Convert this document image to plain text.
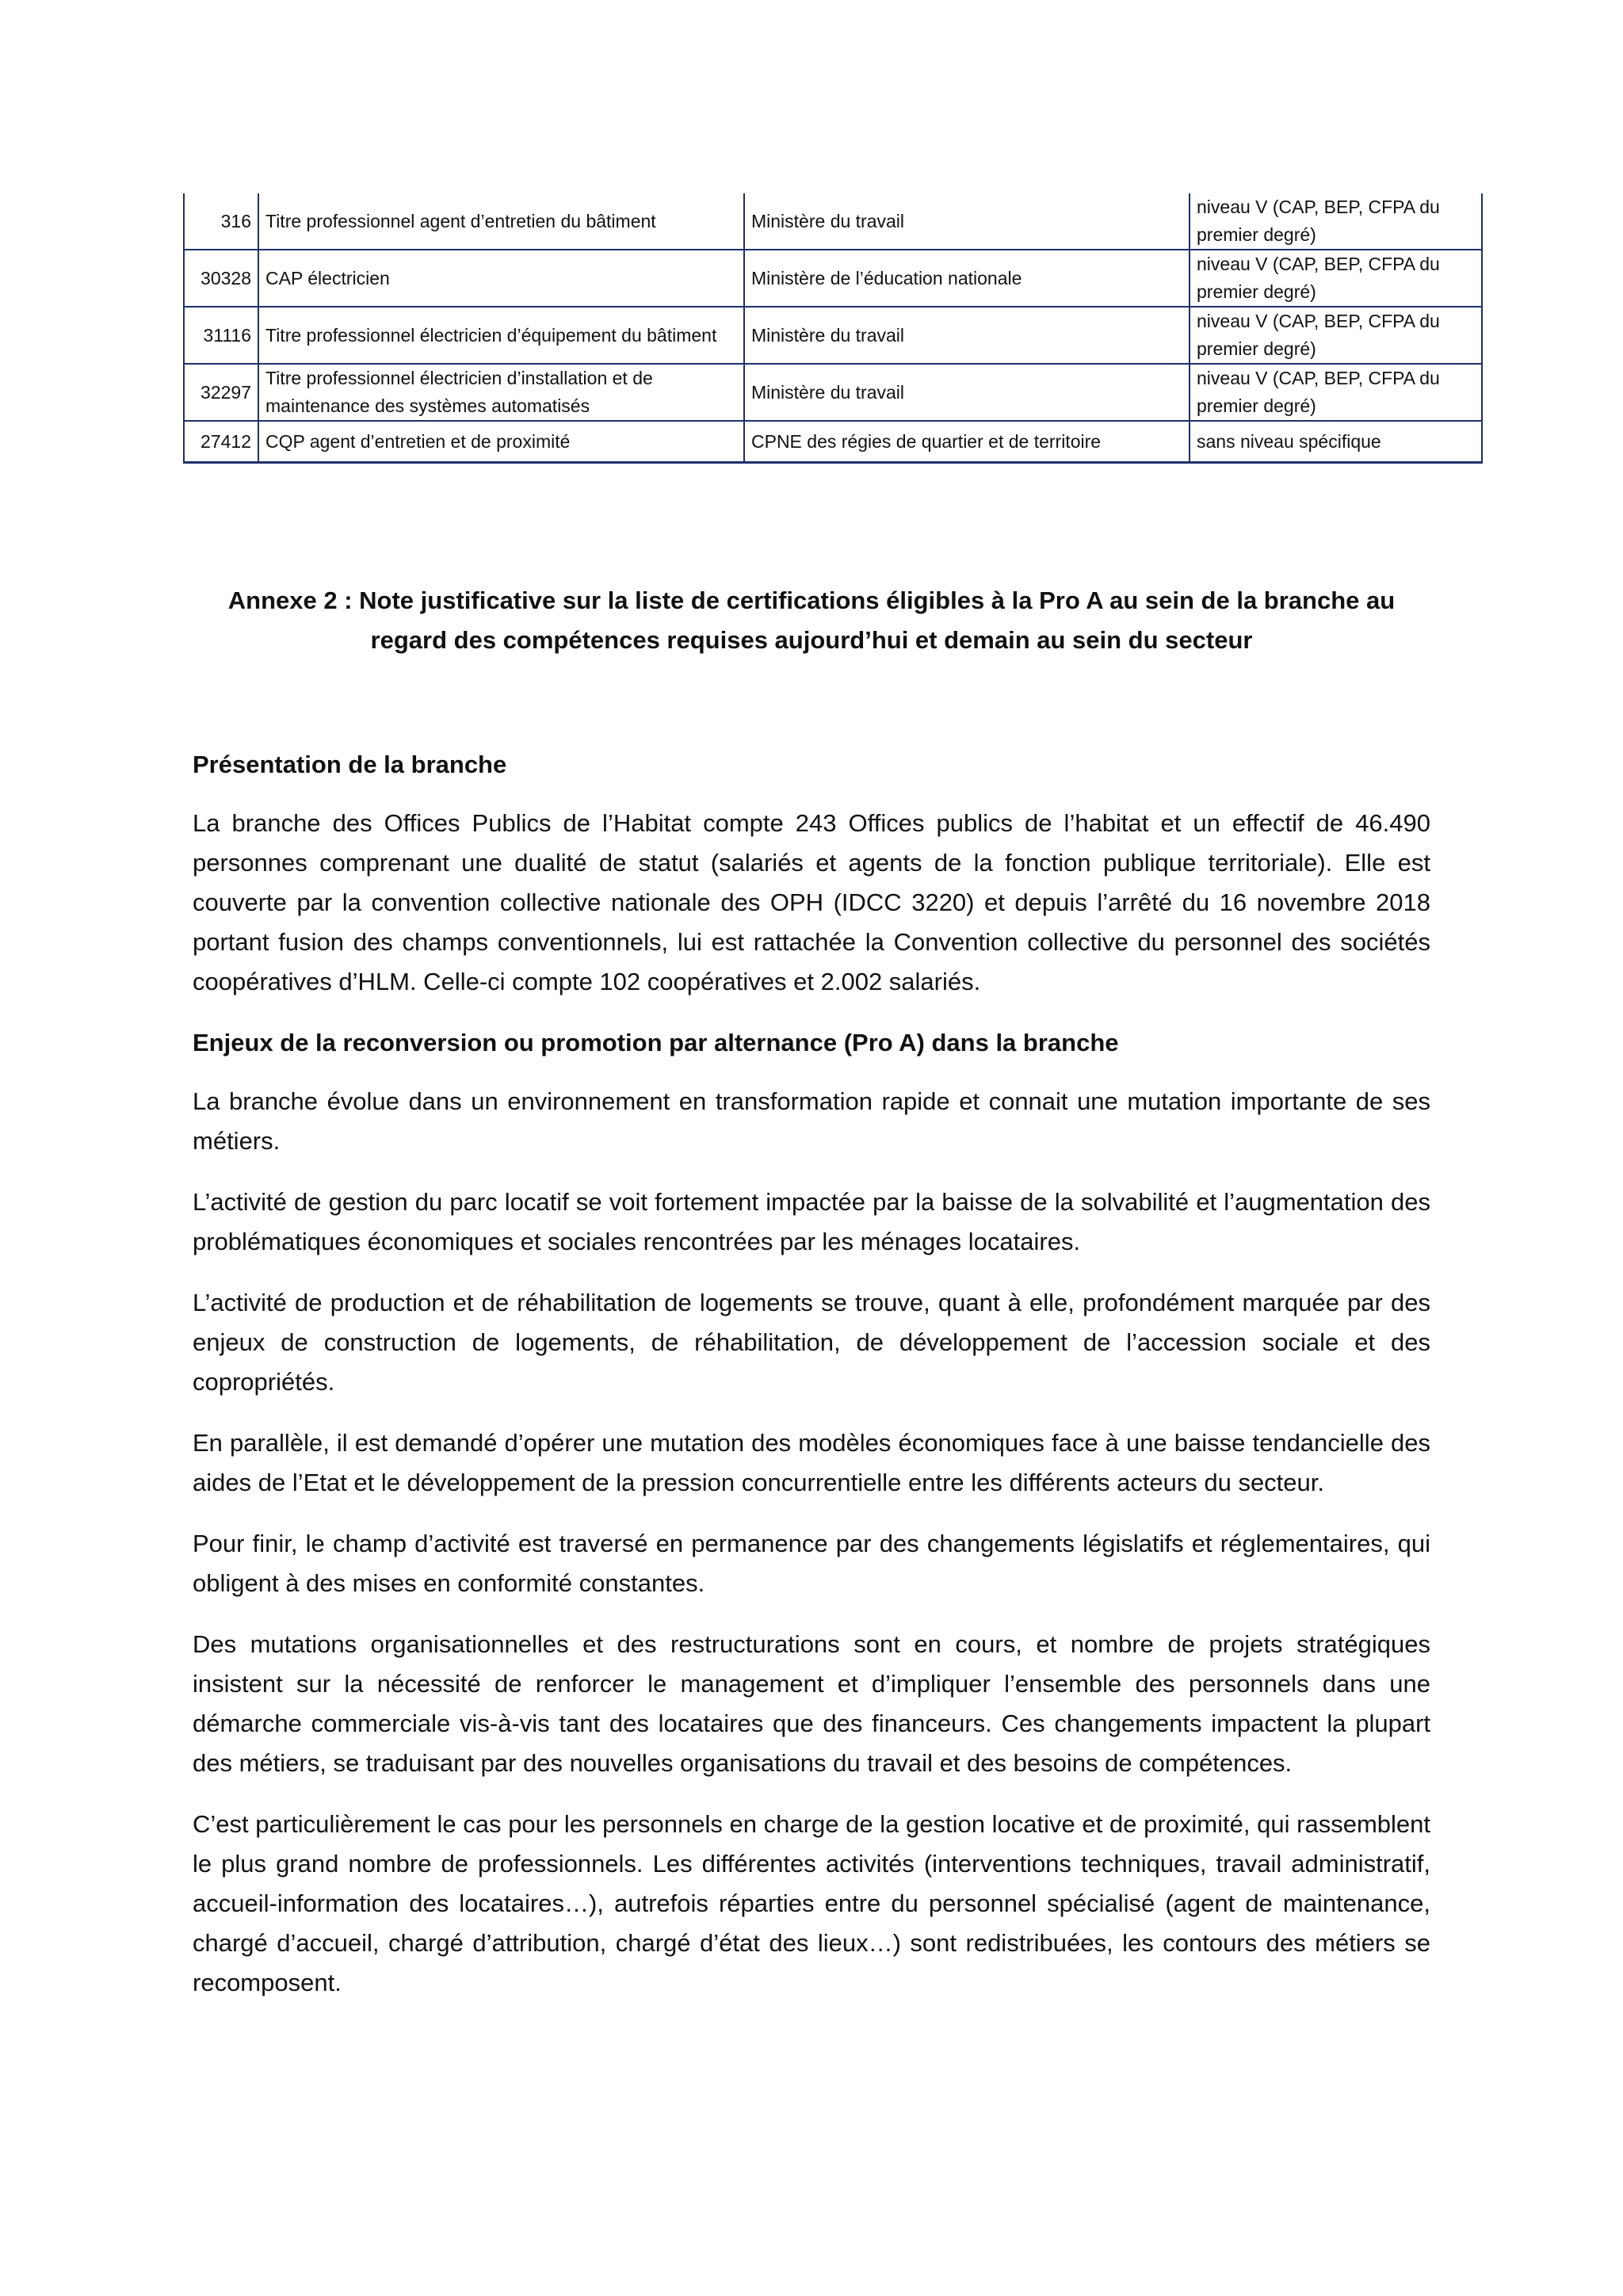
316	Titre professionnel agent d’entretien du bâtiment	Ministère du travail	niveau V (CAP, BEP, CFPA du premier degré)
30328	CAP électricien	Ministère de l’éducation nationale	niveau V (CAP, BEP, CFPA du premier degré)
31116	Titre professionnel électricien d’équipement du bâtiment	Ministère du travail	niveau V (CAP, BEP, CFPA du premier degré)
32297	Titre professionnel électricien d’installation et de maintenance des systèmes automatisés	Ministère du travail	niveau V (CAP, BEP, CFPA du premier degré)
27412	CQP agent d’entretien et de proximité	CPNE des régies de quartier et de territoire	sans niveau spécifique
Annexe 2 : Note justificative sur la liste de certifications éligibles à la Pro A au sein de la branche au regard des compétences requises aujourd’hui et demain au sein du secteur

Présentation de la branche

La branche des Offices Publics de l’Habitat compte 243 Offices publics de l’habitat et un effectif de 46.490 personnes comprenant une dualité de statut (salariés et agents de la fonction publique territoriale). Elle est couverte par la convention collective nationale des OPH (IDCC 3220) et depuis l’arrêté du 16 novembre 2018 portant fusion des champs conventionnels, lui est rattachée la Convention collective du personnel des sociétés coopératives d’HLM. Celle-ci compte 102 coopératives et 2.002 salariés.

Enjeux de la reconversion ou promotion par alternance (Pro A) dans la branche

La branche évolue dans un environnement en transformation rapide et connait une mutation importante de ses métiers.

L’activité de gestion du parc locatif se voit fortement impactée par la baisse de la solvabilité et l’augmentation des problématiques économiques et sociales rencontrées par les ménages locataires.

L’activité de production et de réhabilitation de logements se trouve, quant à elle, profondément marquée par des enjeux de construction de logements, de réhabilitation, de développement de l’accession sociale et des copropriétés.

En parallèle, il est demandé d’opérer une mutation des modèles économiques face à une baisse tendancielle des aides de l’Etat et le développement de la pression concurrentielle entre les différents acteurs du secteur.

Pour finir, le champ d’activité est traversé en permanence par des changements législatifs et réglementaires, qui obligent à des mises en conformité constantes.

Des mutations organisationnelles et des restructurations sont en cours, et nombre de projets stratégiques insistent sur la nécessité de renforcer le management et d’impliquer l’ensemble des personnels dans une démarche commerciale vis-à-vis tant des locataires que des financeurs. Ces changements impactent la plupart des métiers, se traduisant par des nouvelles organisations du travail et des besoins de compétences.

C’est particulièrement le cas pour les personnels en charge de la gestion locative et de proximité, qui rassemblent le plus grand nombre de professionnels. Les différentes activités (interventions techniques, travail administratif, accueil-information des locataires…), autrefois réparties entre du personnel spécialisé (agent de maintenance, chargé d’accueil, chargé d’attribution, chargé d’état des lieux…) sont redistribuées, les contours des métiers se recomposent.
